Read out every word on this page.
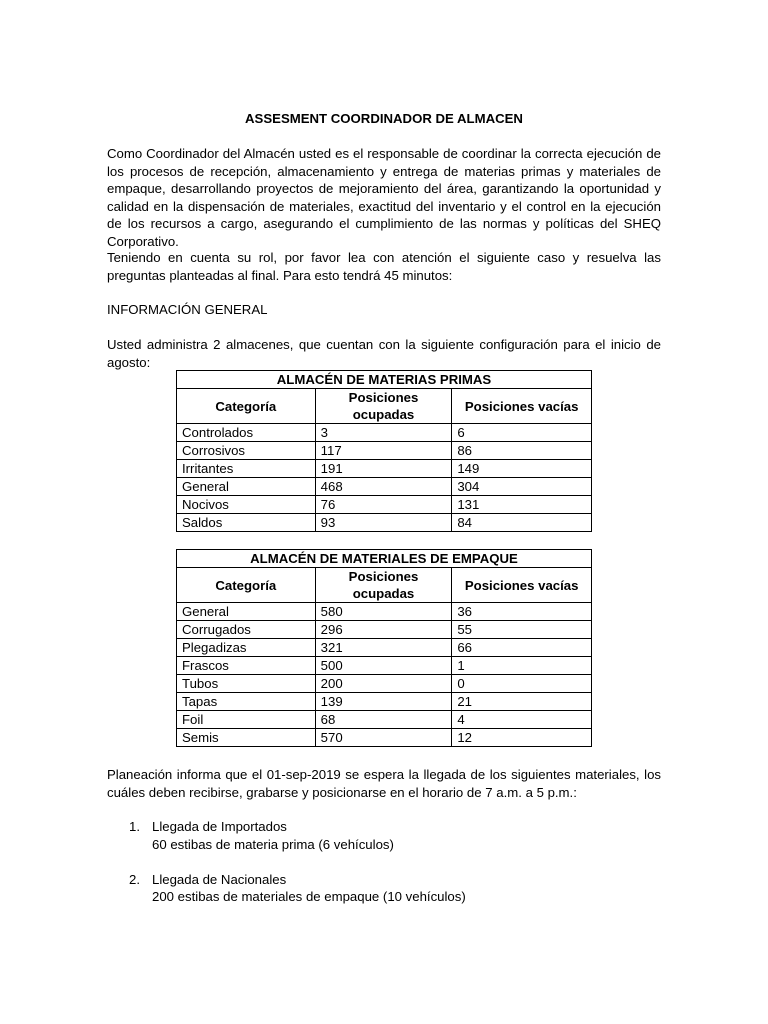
ASSESMENT COORDINADOR DE ALMACEN

Como Coordinador del Almacén usted es el responsable de coordinar la correcta ejecución de los procesos de recepción, almacenamiento y entrega de materias primas y materiales de empaque, desarrollando proyectos de mejoramiento del área, garantizando la oportunidad y calidad en la dispensación de materiales, exactitud del inventario y el control en la ejecución de los recursos a cargo, asegurando el cumplimiento de las normas y políticas del SHEQ Corporativo.

Teniendo en cuenta su rol, por favor lea con atención el siguiente caso y resuelva las preguntas planteadas al final. Para esto tendrá 45 minutos:

INFORMACIÓN GENERAL

Usted administra 2 almacenes, que cuentan con la siguiente configuración para el inicio de agosto:

ALMACÉN DE MATERIAS PRIMAS		
Categoría	Posiciones ocupadas	Posiciones vacías
Controlados	3	6
Corrosivos	117	86
Irritantes	191	149
General	468	304
Nocivos	76	131
Saldos	93	84
ALMACÉN DE MATERIALES DE EMPAQUE		
Categoría	Posiciones ocupadas	Posiciones vacías
General	580	36
Corrugados	296	55
Plegadizas	321	66
Frascos	500	1
Tubos	200	0
Tapas	139	21
Foil	68	4
Semis	570	12

Planeación informa que el 01-sep-2019 se espera la llegada de los siguientes materiales, los cuáles deben recibirse, grabarse y posicionarse en el horario de 7 a.m. a 5 p.m.:

1. Llegada de Importados
60 estibas de materia prima (6 vehículos)
2. Llegada de Nacionales
200 estibas de materiales de empaque (10 vehículos)
